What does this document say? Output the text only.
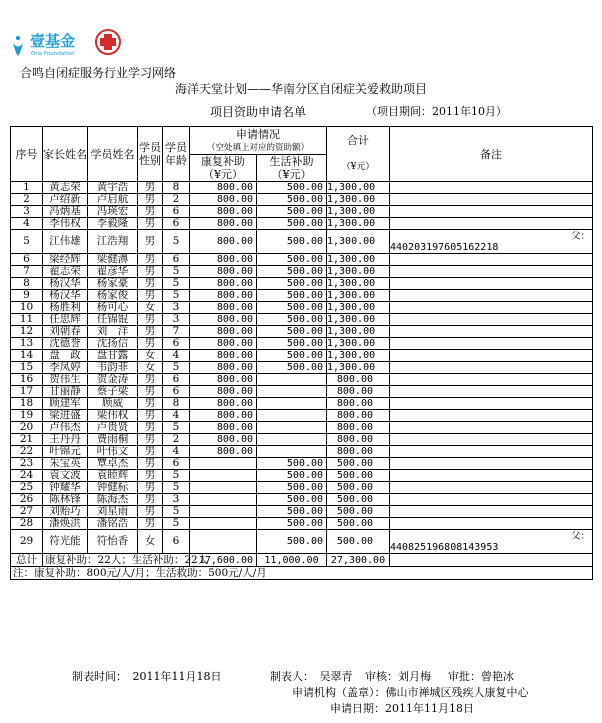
壹基金
One Foundation
合鸣自闭症服务行业学习网络
海洋天堂计划——华南分区自闭症关爱救助项目
项目资助申请名单	（项目期间：2011年10月）
序号	家长姓名	学员姓名	学员性别	学员年龄	申请情况		合计	备注
					（空处填上对应的资助额）			
					康复补助	生活补助	（¥元）	
					（¥元）	（¥元）		
1	黄志荣	黄宇浩	男	8	800.00	500.00	1,300.00	
2	卢绍新	卢启航	男	2	800.00	500.00	1,300.00	
3	冯炳基	冯瑛宏	男	6	800.00	500.00	1,300.00	
4	李伟权	李毅隆	男	6	800.00	500.00	1,300.00	
5	江伟雄	江浩翔	男	5	800.00	500.00	1,300.00	父：
440203197605162218

6	梁经辉	梁健濞	男	6	800.00	500.00	1,300.00	
7	翟志荣	翟彦华	男	5	800.00	500.00	1,300.00	
8	杨汉华	杨家豪	男	5	800.00	500.00	1,300.00	
9	杨汉华	杨家俊	男	5	800.00	500.00	1,300.00	
10	杨胜利	杨可心	女	3	800.00	500.00	1,300.00	
11	任思辉	任锦锟	男	3	800.00	500.00	1,300.00	
12	刘朝春	刘　洋	男	7	800.00	500.00	1,300.00	
13	沈德誉	沈扬信	男	6	800.00	500.00	1,300.00	
14	盘　政	盘甘露	女	4	800.00	500.00	1,300.00	
15	李凤婷	韦韵菲	女	5	800.00	500.00	1,300.00	
16	贺伟生	贺金涛	男	6	800.00		800.00	
17	甘丽静	蔡子梁	男	6	800.00		800.00	
18	顾建军	顾威	男	8	800.00		800.00	
19	梁进盛	梁伟权	男	4	800.00		800.00	
20	卢伟杰	卢贵贤	男	5	800.00		800.00	
21	王丹丹	费雨桐	男	2	800.00		800.00	
22	叶锦元	叶伟文	男	4	800.00		800.00	
23	朱宝英	覃卓杰	男	6		500.00	500.00	
24	袁文波	袁睦辉	男	5		500.00	500.00	
25	钟耀华	钟健标	男	5		500.00	500.00	
26	陈林锋	陈海杰	男	3		500.00	500.00	
27	刘贻巧	刘星雨	男	5		500.00	500.00	
28	潘焕洪	潘铭浩	男	5		500.00	500.00	
29	符光能	符怡香	女	6		500.00	500.00	父：
440825196808143953

总计	康复补助：22人；生活补助：22人				17,600.00	11,000.00	27,300.00	
注：康复补助：800元/人/月；生活救助：500元/人/月								
制表时间：　2011年11月18日	制表人：　吴翠青 审核：刘月梅 审批：曾艳冰
申请机构（盖章）：佛山市禅城区残疾人康复中心
申请日期：2011年11月18日
